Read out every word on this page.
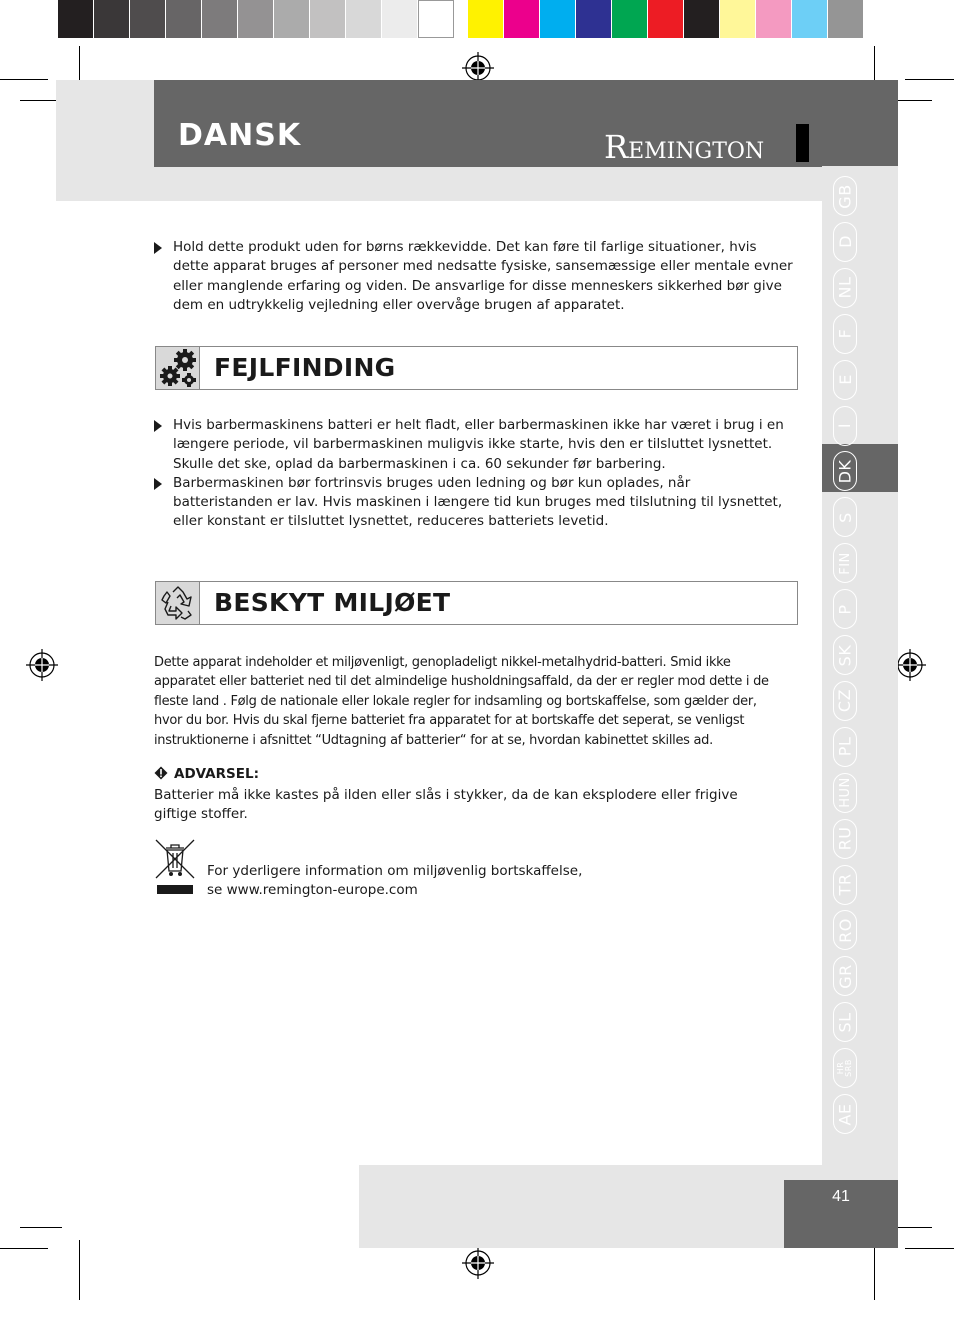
DANSK	REMINGTON
GB
D
NL
F
E
I
DK
S
FIN
P
SK
CZ
PL
HUN
RU
TR
RO
GR
SL
HR
SRB
AE
Hold dette produkt uden for børns rækkevidde. Det kan føre til farlige situationer, hvis dette apparat bruges af personer med nedsatte fysiske, sansemæssige eller mentale evner eller manglende erfaring og viden. De ansvarlige for disse menneskers sikkerhed bør give dem en udtrykkelig vejledning eller overvåge brugen af apparatet.
FEJLFINDING
Hvis barbermaskinens batteri er helt fladt, eller barbermaskinen ikke har været i brug i en længere periode, vil barbermaskinen muligvis ikke starte, hvis den er tilsluttet lysnettet. Skulle det ske, oplad da barbermaskinen i ca. 60 sekunder før barbering.
Barbermaskinen bør fortrinsvis bruges uden ledning og bør kun oplades, når batteristanden er lav. Hvis maskinen i længere tid kun bruges med tilslutning til lysnettet, eller konstant er tilsluttet lysnettet, reduceres batteriets levetid.
BESKYT MILJØET

Dette apparat indeholder et miljøvenligt, genopladeligt nikkel-metalhydrid-batteri. Smid ikke apparatet eller batteriet ned til det almindelige husholdningsaffald, da der er regler mod dette i de fleste land . Følg de nationale eller lokale regler for indsamling og bortskaffelse, som gælder der, hvor du bor. Hvis du skal fjerne batteriet fra apparatet for at bortskaffe det seperat, se venligst instruktionerne i afsnittet “Udtagning af batterier“ for at se, hvordan kabinettet skilles ad.

ADVARSEL:

Batterier må ikke kastes på ilden eller slås i stykker, da de kan eksplodere eller frigive giftige stoffer.

For yderligere information om miljøvenlig bortskaffelse,
se www.remington-europe.com
41
